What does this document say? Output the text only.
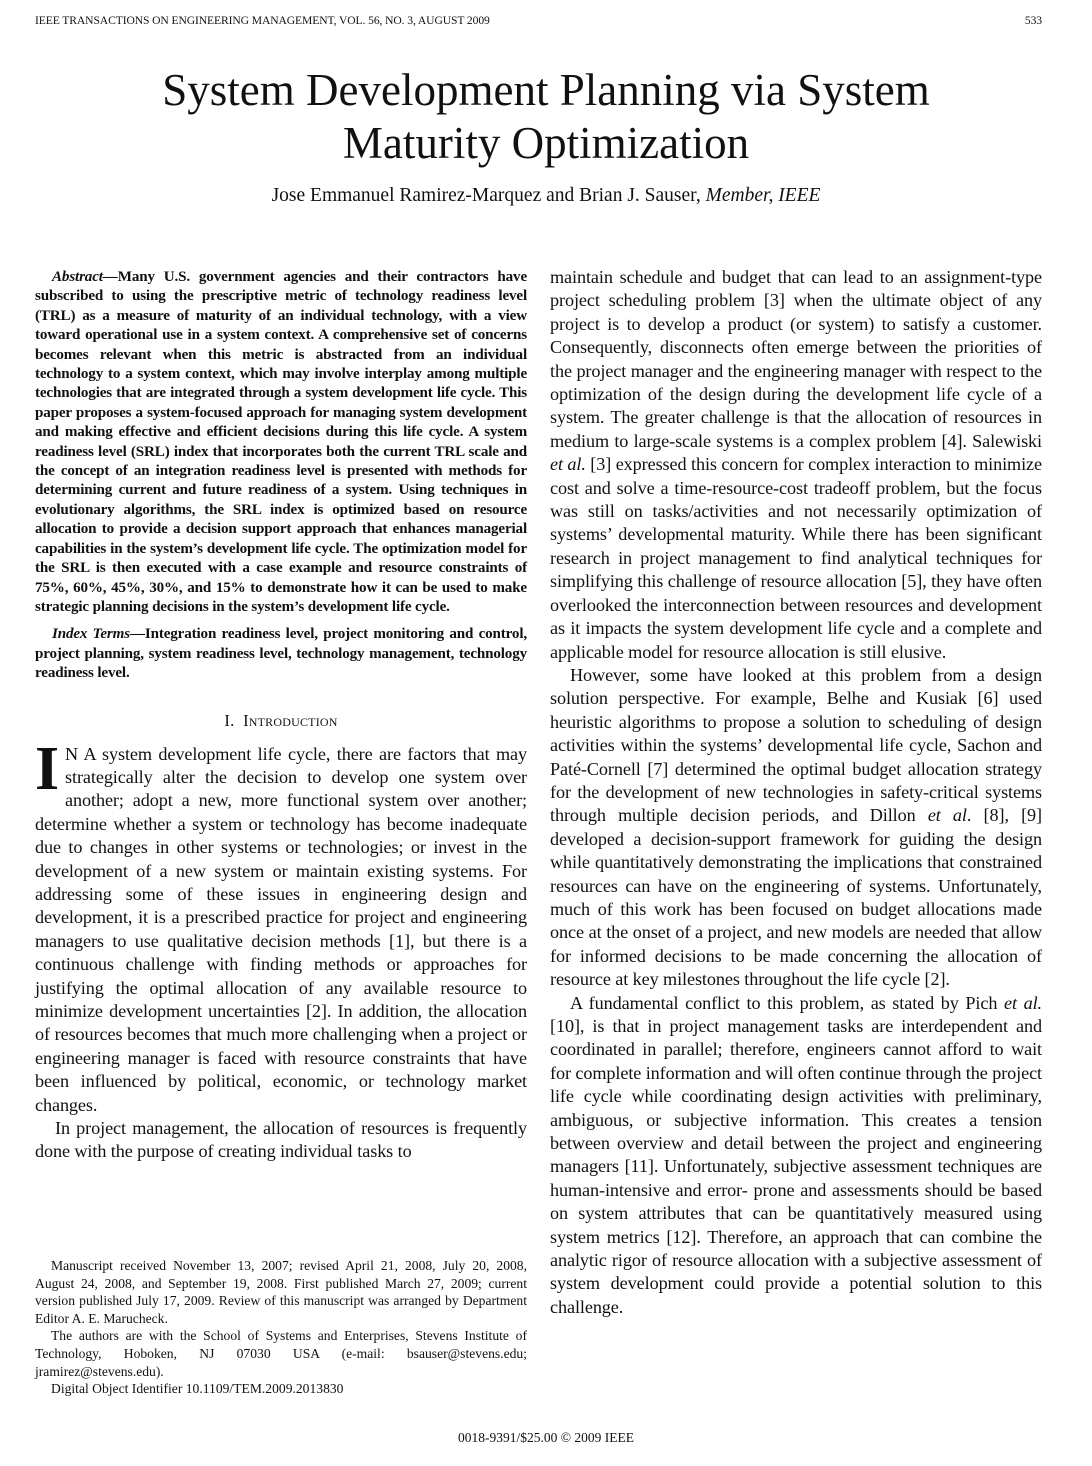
IEEE TRANSACTIONS ON ENGINEERING MANAGEMENT, VOL. 56, NO. 3, AUGUST 2009	533
System Development Planning via System
Maturity Optimization
Jose Emmanuel Ramirez-Marquez and Brian J. Sauser, Member, IEEE

Abstract—Many U.S. government agencies and their contractors have subscribed to using the prescriptive metric of technology readiness level (TRL) as a measure of maturity of an individual technology, with a view toward operational use in a system context. A comprehensive set of concerns becomes relevant when this metric is abstracted from an individual technology to a system context, which may involve interplay among multiple technologies that are integrated through a system development life cycle. This paper proposes a system-focused approach for managing system development and making effective and efficient decisions during this life cycle. A system readiness level (SRL) index that incorporates both the current TRL scale and the concept of an integration readiness level is presented with methods for determining current and future readiness of a system. Using techniques in evolutionary algorithms, the SRL index is optimized based on resource allocation to provide a decision support approach that enhances managerial capabilities in the system’s development life cycle. The optimization model for the SRL is then executed with a case example and resource constraints of 75%, 60%, 45%, 30%, and 15% to demonstrate how it can be used to make strategic planning decisions in the system’s development life cycle.

Index Terms—Integration readiness level, project monitoring and control, project planning, system readiness level, technology management, technology readiness level.

I. Introduction

I N A system development life cycle, there are factors that may strategically alter the decision to develop one system over another; adopt a new, more functional system over another; determine whether a system or technology has become inadequate due to changes in other systems or technologies; or invest in the development of a new system or maintain existing systems. For addressing some of these issues in engineering design and development, it is a prescribed practice for project and engineering managers to use qualitative decision methods [1], but there is a continuous challenge with finding methods or approaches for justifying the optimal allocation of any available resource to minimize development uncertainties [2]. In addition, the allocation of resources becomes that much more challenging when a project or engineering manager is faced with resource constraints that have been influenced by political, economic, or technology market changes.

In project management, the allocation of resources is frequently done with the purpose of creating individual tasks to

maintain schedule and budget that can lead to an assignment-type project scheduling problem [3] when the ultimate object of any project is to develop a product (or system) to satisfy a customer. Consequently, disconnects often emerge between the priorities of the project manager and the engineering manager with respect to the optimization of the design during the development life cycle of a system. The greater challenge is that the allocation of resources in medium to large-scale systems is a complex problem [4]. Salewiski et al. [3] expressed this concern for complex interaction to minimize cost and solve a time-resource-cost tradeoff problem, but the focus was still on tasks/activities and not necessarily optimization of systems’ developmental maturity. While there has been significant research in project management to find analytical techniques for simplifying this challenge of resource allocation [5], they have often overlooked the interconnection between resources and development as it impacts the system development life cycle and a complete and applicable model for resource allocation is still elusive.

However, some have looked at this problem from a design solution perspective. For example, Belhe and Kusiak [6] used heuristic algorithms to propose a solution to scheduling of design activities within the systems’ developmental life cycle, Sachon and Paté-Cornell [7] determined the optimal budget allocation strategy for the development of new technologies in safety-critical systems through multiple decision periods, and Dillon et al. [8], [9] developed a decision-support framework for guiding the design while quantitatively demonstrating the implications that constrained resources can have on the engineering of systems. Unfortunately, much of this work has been focused on budget allocations made once at the onset of a project, and new models are needed that allow for informed decisions to be made concerning the allocation of resource at key milestones throughout the life cycle [2].

A fundamental conflict to this problem, as stated by Pich et al. [10], is that in project management tasks are interdependent and coordinated in parallel; therefore, engineers cannot afford to wait for complete information and will often continue through the project life cycle while coordinating design activities with preliminary, ambiguous, or subjective information. This creates a tension between overview and detail between the project and engineering managers [11]. Unfortunately, subjective assessment techniques are human-intensive and error- prone and assessments should be based on system attributes that can be quantitatively measured using system metrics [12]. Therefore, an approach that can combine the analytic rigor of resource allocation with a subjective assessment of system development could provide a potential solution to this challenge.

Manuscript received November 13, 2007; revised April 21, 2008, July 20, 2008, August 24, 2008, and September 19, 2008. First published March 27, 2009; current version published July 17, 2009. Review of this manuscript was arranged by Department Editor A. E. Marucheck.

The authors are with the School of Systems and Enterprises, Stevens Institute of Technology, Hoboken, NJ 07030 USA (e-mail: bsauser@stevens.edu; jramirez@stevens.edu).

Digital Object Identifier 10.1109/TEM.2009.2013830

0018-9391/$25.00 © 2009 IEEE
